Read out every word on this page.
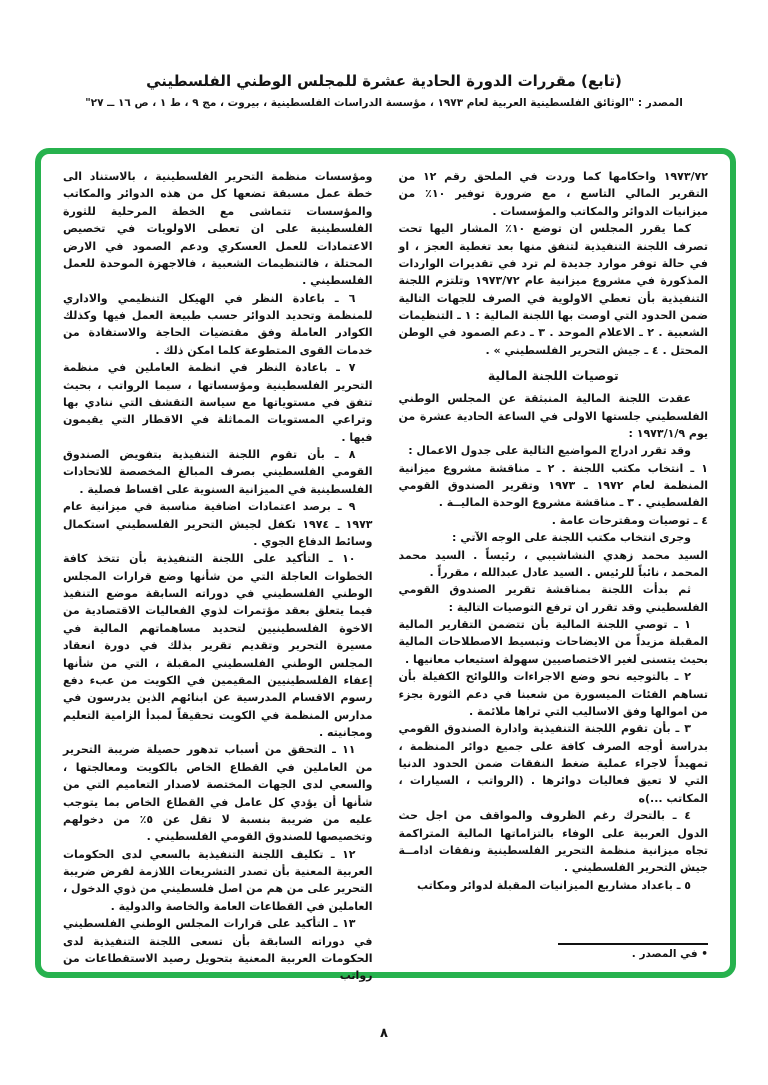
(تابع) مقررات الدورة الحادية عشرة للمجلس الوطني الفلسطيني
المصدر : "الوثائق الفلسطينية العربية لعام ١٩٧٣ ، مؤسسة الدراسات الفلسطينية ، بيروت ، مج ٩ ، ط ١ ، ص ١٦ ــ ٢٧"

١٩٧٣/٧٢ واحكامها كما وردت في الملحق رقم ١٢ من التقرير المالي التاسع ، مع ضرورة توفير ١٠٪ من ميزانيات الدوائر والمكاتب والمؤسسات .

كما يقرر المجلس ان توضع ١٠٪ المشار اليها تحت تصرف اللجنة التنفيذية لتنفق منها بعد تغطية العجز ، او في حالة توفر موارد جديدة لم ترد في تقديرات الواردات المذكورة في مشروع ميزانية عام ١٩٧٣/٧٢ وتلتزم اللجنة التنفيذية بأن تعطي الاولوية في الصرف للجهات التالية ضمن الحدود التي اوصت بها اللجنة المالية : ١ ـ التنظيمات الشعبية . ٢ ـ الاعلام الموحد . ٣ ـ دعم الصمود في الوطن المحتل . ٤ ـ جيش التحرير الفلسطيني » .

توصيات اللجنة المالية

عقدت اللجنة المالية المنبثقة عن المجلس الوطني الفلسطيني جلستها الاولى في الساعة الحادية عشرة من يوم ١٩٧٣/١/٩ :

وقد تقرر ادراج المواضيع التالية على جدول الاعمال :

١ ـ انتخاب مكتب اللجنة . ٢ ـ مناقشة مشروع ميزانية المنظمة لعام ١٩٧٢ ـ ١٩٧٣ وتقرير الصندوق القومي الفلسطيني . ٣ ـ مناقشة مشروع الوحدة الماليــة .

٤ ـ توصيات ومقترحات عامة .

وجرى انتخاب مكتب اللجنة على الوجه الآتي :

السيد محمد زهدي النشاشيبي ، رئيساً . السيد محمد المحمد ، نائباً للرئيس . السيد عادل عبدالله ، مقرراً .

ثم بدأت اللجنة بمناقشة تقرير الصندوق القومي الفلسطيني وقد تقرر ان ترفع التوصيات التالية :

١ ـ توصي اللجنة المالية بأن تتضمن التقارير المالية المقبلة مزيداً من الايضاحات وتبسيط الاصطلاحات المالية بحيث يتسنى لغير الاختصاصيين سهولة استيعاب معانيها .

٢ ـ بالتوجيه نحو وضع الاجراءات واللوائح الكفيلة بأن تساهم الفئات الميسورة من شعبنا في دعم الثورة بجزء من اموالها وفق الاساليب التي تراها ملائمة .

٣ ـ بأن تقوم اللجنة التنفيذية وادارة الصندوق القومي بدراسة أوجه الصرف كافة على جميع دوائر المنظمة ، تمهيداً لاجراء عملية ضغط النفقات ضمن الحدود الدنيا التي لا تعيق فعاليات دوائرها . (الرواتب ، السيارات ، المكاتب ...)ه

٤ ـ بالتحرك رغم الظروف والمواقف من اجل حث الدول العربية على الوفاء بالتزاماتها المالية المتراكمة تجاه ميزانية منظمة التحرير الفلسطينية ونفقات ادامــة جيش التحرير الفلسطيني .

٥ ـ باعداد مشاريع الميزانيات المقبلة لدوائر ومكاتب

• في المصدر .

ومؤسسات منظمة التحرير الفلسطينية ، بالاستناد الى خطة عمل مسبقة تضعها كل من هذه الدوائر والمكاتب والمؤسسات تتماشى مع الخطة المرحلية للثورة الفلسطينية على ان تعطى الاولويات في تخصيص الاعتمادات للعمل العسكري ودعم الصمود في الارض المحتلة ، فالتنظيمات الشعبية ، فالاجهزة الموحدة للعمل الفلسطيني .

٦ ـ باعادة النظر في الهيكل التنظيمي والاداري للمنظمة وتحديد الدوائر حسب طبيعة العمل فيها وكذلك الكوادر العاملة وفق مقتضيات الحاجة والاستفادة من خدمات القوى المتطوعة كلما امكن ذلك .

٧ ـ باعادة النظر في انظمة العاملين في منظمة التحرير الفلسطينية ومؤسساتها ، سيما الرواتب ، بحيث تتفق في مستوياتها مع سياسة التقشف التي ننادي بها وتراعي المستويات المماثلة في الاقطار التي يقيمون فيها .

٨ ـ بأن تقوم اللجنة التنفيذية بتفويض الصندوق القومي الفلسطيني بصرف المبالغ المخصصة للاتحادات الفلسطينية في الميزانية السنوية على اقساط فصلية .

٩ ـ برصد اعتمادات اضافية مناسبة في ميزانية عام ١٩٧٣ ـ ١٩٧٤ تكفل لجيش التحرير الفلسطيني استكمال وسائط الدفاع الجوي .

١٠ ـ التأكيد على اللجنة التنفيذية بأن تتخذ كافة الخطوات العاجلة التي من شأنها وضع قرارات المجلس الوطني الفلسطيني في دوراته السابقة موضع التنفيذ فيما يتعلق بعقد مؤتمرات لذوي الفعاليات الاقتصادية من الاخوة الفلسطينيين لتحديد مساهماتهم المالية في مسيرة التحرير وتقديم تقرير بذلك في دورة انعقاد المجلس الوطني الفلسطيني المقبلة ، التي من شأنها إعفاء الفلسطينيين المقيمين في الكويت من عبء دفع رسوم الاقسام المدرسية عن ابنائهم الذين يدرسون في مدارس المنظمة في الكويت تحقيقاً لمبدأ الزامية التعليم ومجانيته .

١١ ـ التحقق من أسباب تدهور حصيلة ضريبة التحرير من العاملين في القطاع الخاص بالكويت ومعالجتها ، والسعي لدى الجهات المختصة لاصدار التعاميم التي من شأنها أن يؤدي كل عامل في القطاع الخاص بما يتوجب عليه من ضريبة بنسبة لا تقل عن ٥٪ من دخولهم وتخصيصها للصندوق القومي الفلسطيني .

١٢ ـ تكليف اللجنة التنفيذية بالسعي لدى الحكومات العربية المعنية بأن تصدر التشريعات اللازمة لفرض ضريبة التحرير على من هم من اصل فلسطيني من ذوي الدخول ، العاملين في القطاعات العامة والخاصة والدولية .

١٣ ـ التأكيد على قرارات المجلس الوطني الفلسطيني في دوراته السابقة بأن تسعى اللجنة التنفيذية لدى الحكومات العربية المعنية بتحويل رصيد الاستقطاعات من رواتب

٨
